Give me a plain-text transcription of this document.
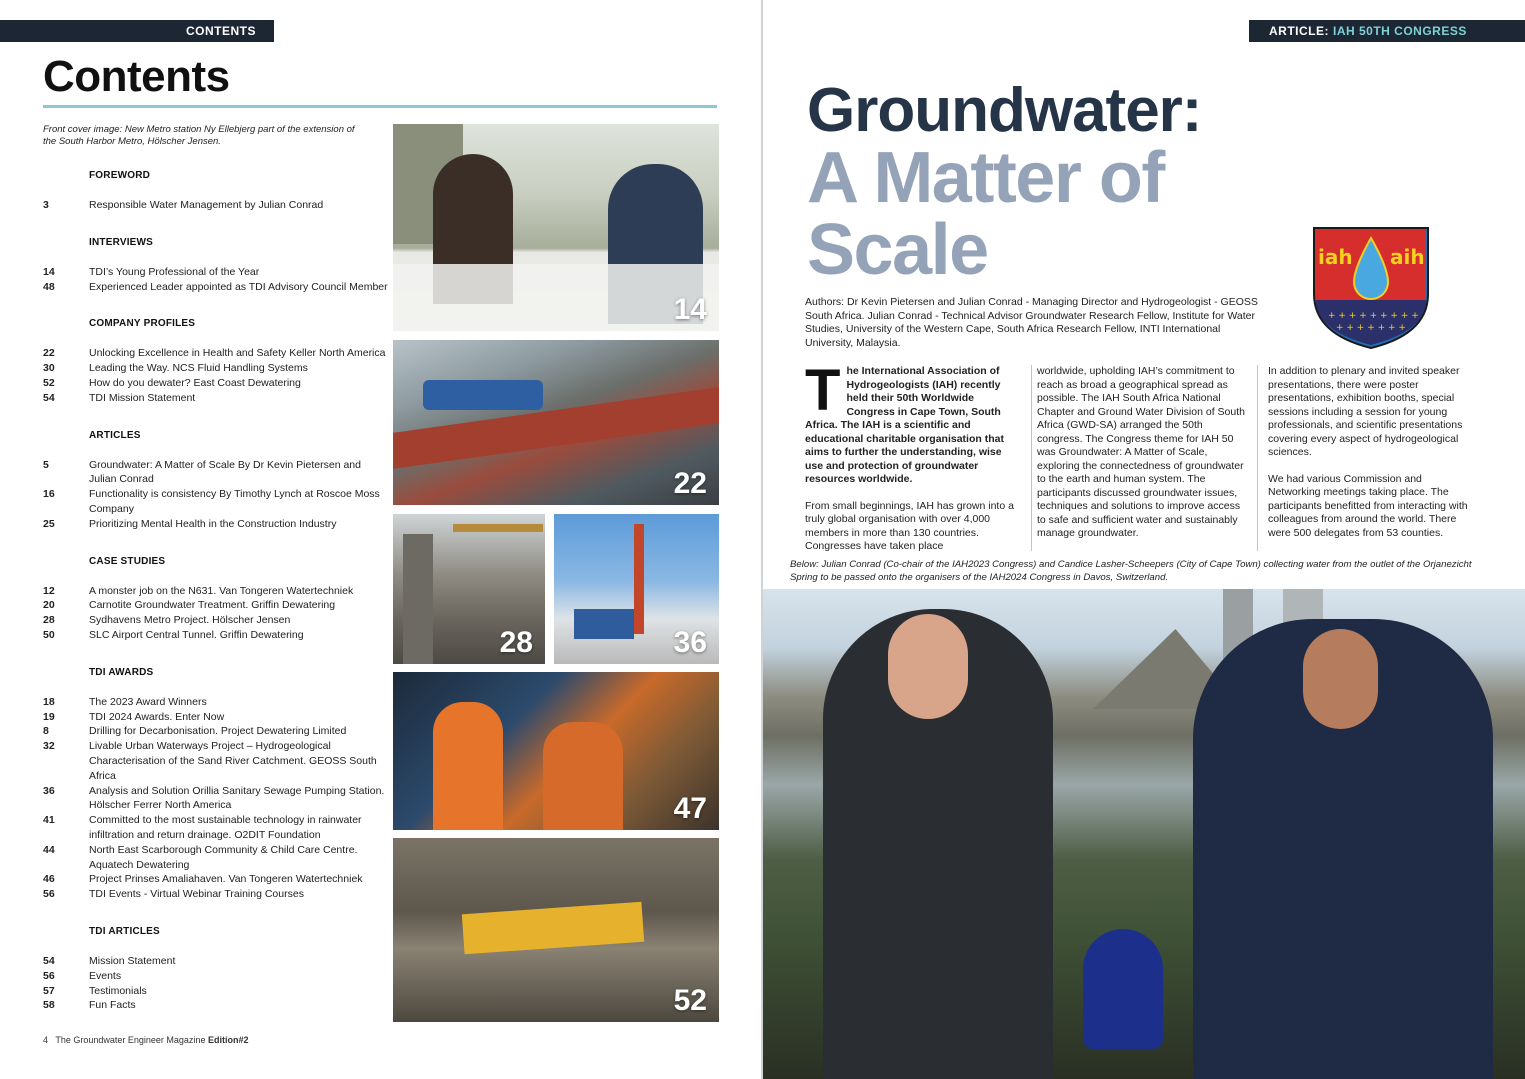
CONTENTS
Contents
Front cover image: New Metro station Ny Ellebjerg part of the extension of the South Harbor Metro, Hölscher Jensen.
FOREWORD
3	Responsible Water Management by Julian Conrad
INTERVIEWS
14	TDI’s Young Professional of the Year
48	Experienced Leader appointed as TDI Advisory Council Member
COMPANY PROFILES
22	Unlocking Excellence in Health and Safety Keller North America
30	Leading the Way. NCS Fluid Handling Systems
52	How do you dewater? East Coast Dewatering
54	TDI Mission Statement
ARTICLES
5	Groundwater: A Matter of Scale By Dr Kevin Pietersen and Julian Conrad
16	Functionality is consistency By Timothy Lynch at Roscoe Moss Company
25	Prioritizing Mental Health in the Construction Industry
CASE STUDIES
12	A monster job on the N631. Van Tongeren Watertechniek
20	Carnotite Groundwater Treatment. Griffin Dewatering
28	Sydhavens Metro Project. Hölscher Jensen
50	SLC Airport Central Tunnel. Griffin Dewatering
TDI AWARDS
18	The 2023 Award Winners
19	TDI 2024 Awards. Enter Now
8	Drilling for Decarbonisation. Project Dewatering Limited
32	Livable Urban Waterways Project – Hydrogeological Characterisation of the Sand River Catchment. GEOSS South Africa
36	Analysis and Solution Orillia Sanitary Sewage Pumping Station. Hölscher Ferrer North America
41	Committed to the most sustainable technology in rainwater infiltration and return drainage. O2DIT Foundation
44	North East Scarborough Community & Child Care Centre. Aquatech Dewatering
46	Project Prinses Amaliahaven. Van Tongeren Watertechniek
56	TDI Events - Virtual Webinar Training Courses
TDI ARTICLES
54	Mission Statement
56	Events
57	Testimonials
58	Fun Facts
14
22
28	36
47
52
4 The Groundwater Engineer Magazine Edition#2
ARTICLE: IAH 50TH CONGRESS
Groundwater:
A Matter of Scale	iah aih
+ + + + + + + + +
+ + + + + + +
Authors: Dr Kevin Pietersen and Julian Conrad - Managing Director and Hydrogeologist - GEOSS South Africa. Julian Conrad - Technical Advisor Groundwater Research Fellow, Institute for Water Studies, University of the Western Cape, South Africa Research Fellow, INTI International University, Malaysia.

The International Association of Hydrogeologists (IAH) recently held their 50th Worldwide Congress in Cape Town, South Africa. The IAH is a scientific and educational charitable organisation that aims to further the understanding, wise use and protection of groundwater resources worldwide.

From small beginnings, IAH has grown into a truly global organisation with over 4,000 members in more than 130 countries. Congresses have taken place

worldwide, upholding IAH’s commitment to reach as broad a geographical spread as possible. The IAH South Africa National Chapter and Ground Water Division of South Africa (GWD-SA) arranged the 50th congress. The Congress theme for IAH 50 was Groundwater: A Matter of Scale, exploring the connectedness of groundwater to the earth and human system. The participants discussed groundwater issues, techniques and solutions to improve access to safe and sufficient water and sustainably manage groundwater.

In addition to plenary and invited speaker presentations, there were poster presentations, exhibition booths, special sessions including a session for young professionals, and scientific presentations covering every aspect of hydrogeological sciences.

We had various Commission and Networking meetings taking place. The participants benefitted from interacting with colleagues from around the world. There were 500 delegates from 53 counties.

Below: Julian Conrad (Co-chair of the IAH2023 Congress) and Candice Lasher-Scheepers (City of Cape Town) collecting water from the outlet of the Orjanezicht Spring to be passed onto the organisers of the IAH2024 Congress in Davos, Switzerland.
